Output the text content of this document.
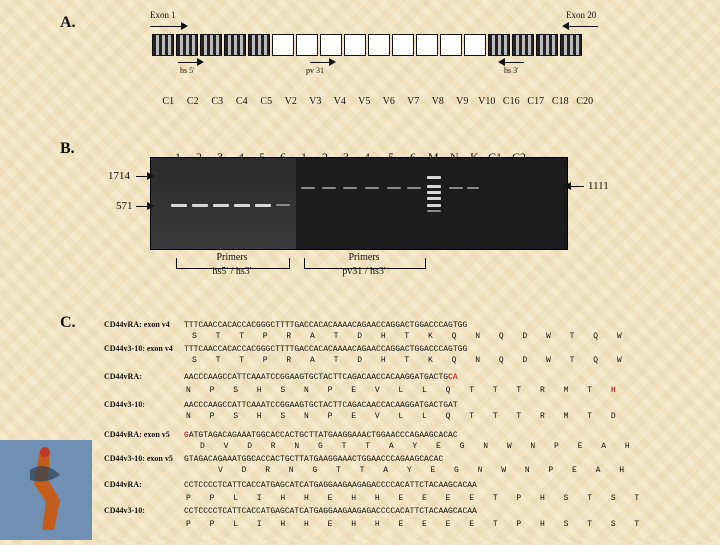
A.
B.
C.
Exon 1	Exon 20
hs 5'	pv 31	hs 3'
C1	C2	C3	C4	C5	V2	V3	V4	V5	V6	V7	V8	V9 V10 C16 C17 C18 C20
1714
571
1111
Primers
hs5' / hs3'
Primers
pv31 / hs3'
CD44vRA: exon v4 TTTCAACCACACCACGGGCTTTTGACCACACAAAACAGAACCAGGACTGGACCCAGTGG
S T T P R A T D H T K Q N Q D W T Q W
CD44v3-10: exon v4 TTTCAACCACACCACGGGCTTTTGACCACACAAAACAGAACCAGGACTGGACCCAGTGG
S T T P R A T D H T K Q N Q D W T Q W
CD44vRA:	AACCCAAGCCATTCAAATCCGGAAGTGCTACTTCAGACAACCACAAGGATGACTGCA
N P S H S N P E V L L Q T T T R M T H
CD44v3-10:	AACCCAAGCCATTCAAATCCGGAAGTGCTACTTCAGACAACCACAAGGATGACTGAT
N P S H S N P E V L L Q T T T R M T D
CD44vRA: exon v5 GATGTAGACAGAAATGGCACCACTGCTTATGAAGGAAACTGGAACCCAGAAGCACAC
D V D R N G T T A Y E G N W N P E A H
CD44v3-10: exon v5 GTAGACAGAAATGGCACCACTGCTTATGAAGGAAACTGGAACCCAGAAGCACAC
V D R N G T T A Y E G N W N P E A H
CD44vRA:	CCTCCCCTCATTCACCATGAGCATCATGAGGAAGAAGAGACCCCACATTCTACAAGCACAA
P P L I H H E H H E E E E T P H S T S T
CD44v3-10:	CCTCCCCTCATTCACCATGAGCATCATGAGGAAGAAGAGACCCCACATTCTACAAGCACAA
P P L I H H E H H E E E E T P H S T S T
